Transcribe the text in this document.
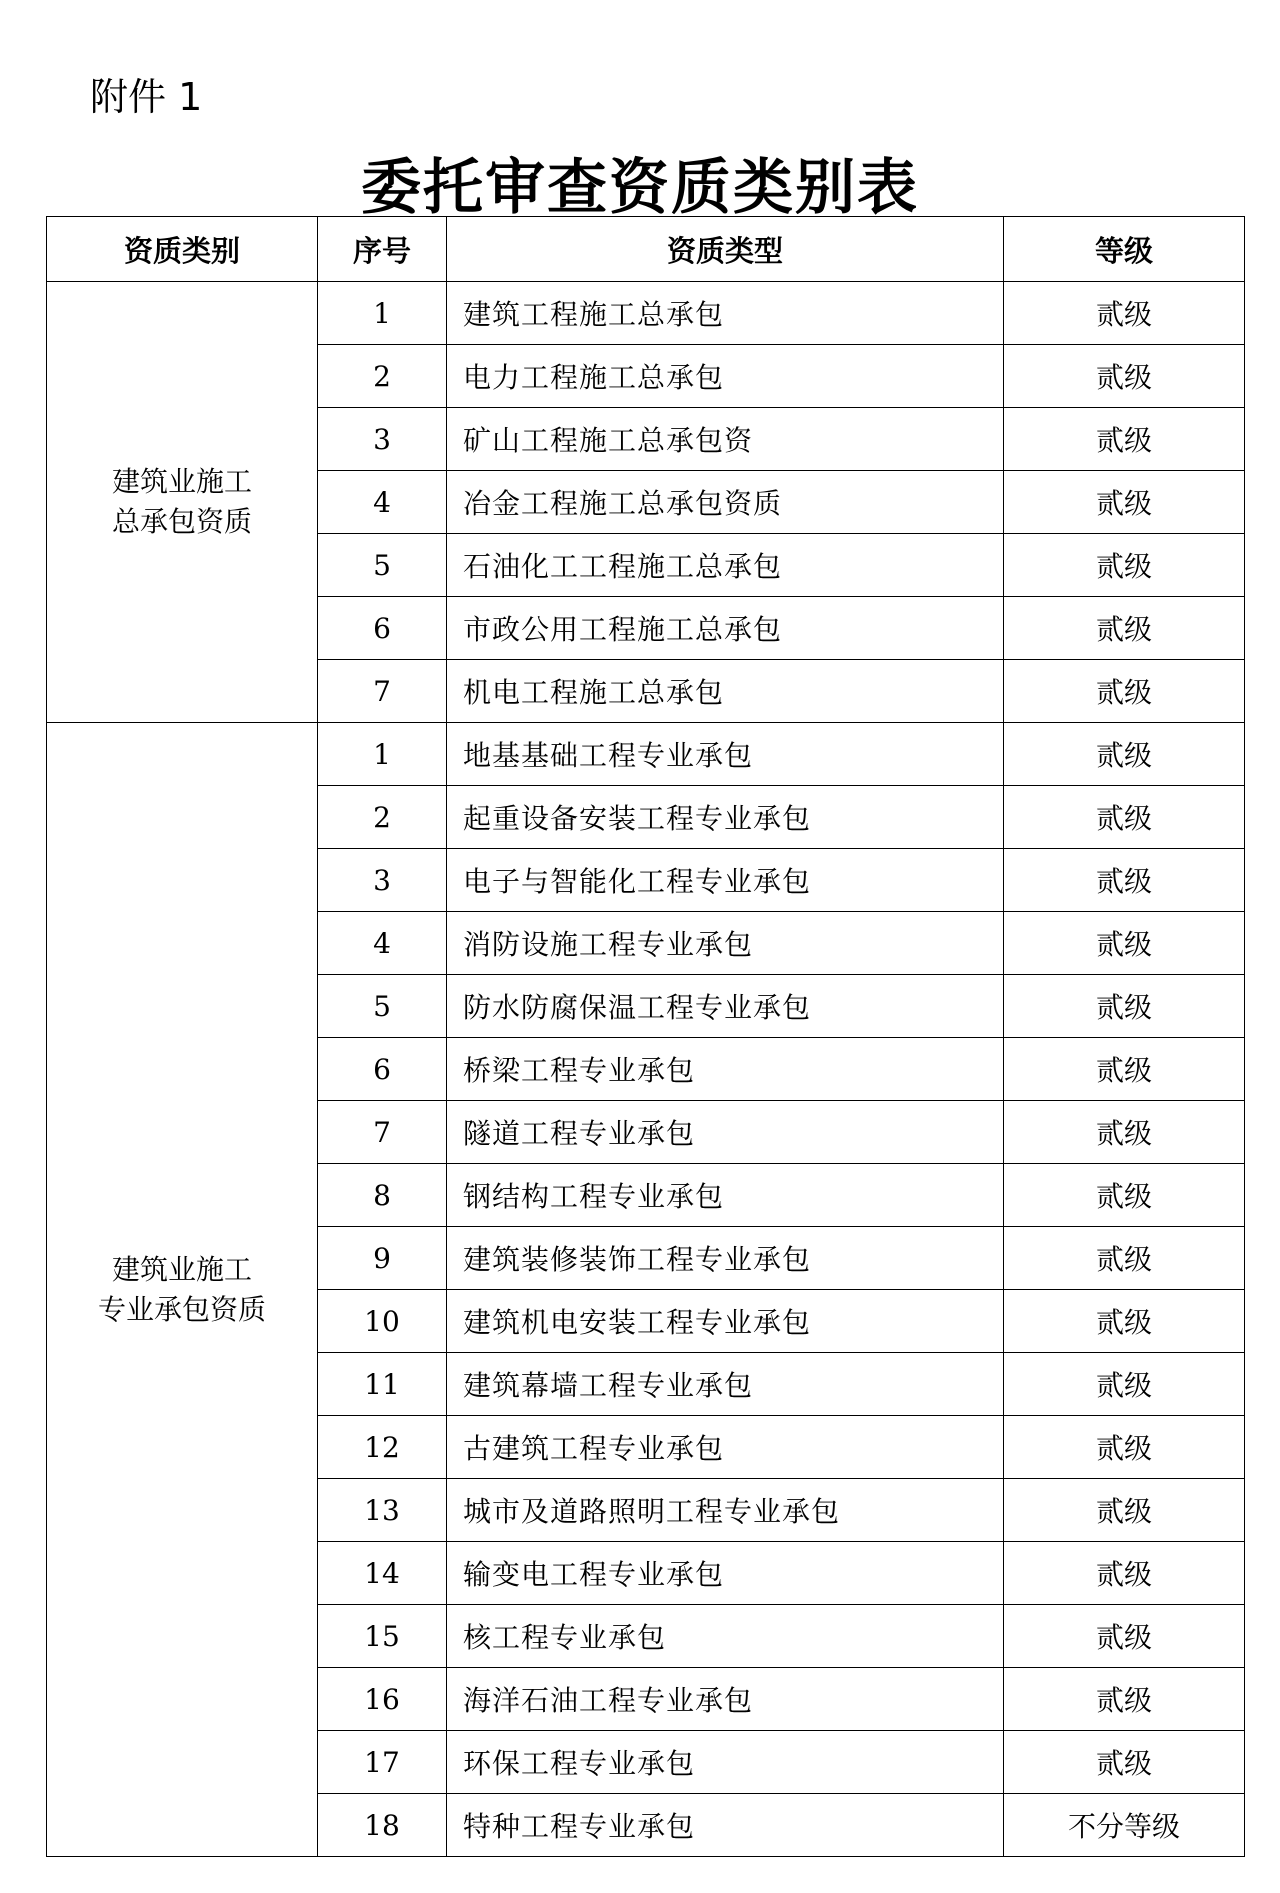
附件 1
委托审查资质类别表
资质类别	序号	资质类型	等级

建筑业施工
总承包资质	1	建筑工程施工总承包	贰级
	2	电力工程施工总承包	贰级
	3	矿山工程施工总承包资	贰级
	4	冶金工程施工总承包资质	贰级
	5	石油化工工程施工总承包	贰级
	6	市政公用工程施工总承包	贰级
	7	机电工程施工总承包	贰级

建筑业施工
专业承包资质	1	地基基础工程专业承包	贰级
	2	起重设备安装工程专业承包	贰级
	3	电子与智能化工程专业承包	贰级
	4	消防设施工程专业承包	贰级
	5	防水防腐保温工程专业承包	贰级
	6	桥梁工程专业承包	贰级
	7	隧道工程专业承包	贰级
	8	钢结构工程专业承包	贰级
	9	建筑装修装饰工程专业承包	贰级
	10	建筑机电安装工程专业承包	贰级
	11	建筑幕墙工程专业承包	贰级
	12	古建筑工程专业承包	贰级
	13	城市及道路照明工程专业承包	贰级
	14	输变电工程专业承包	贰级
	15	核工程专业承包	贰级
	16	海洋石油工程专业承包	贰级
	17	环保工程专业承包	贰级
	18	特种工程专业承包	不分等级
